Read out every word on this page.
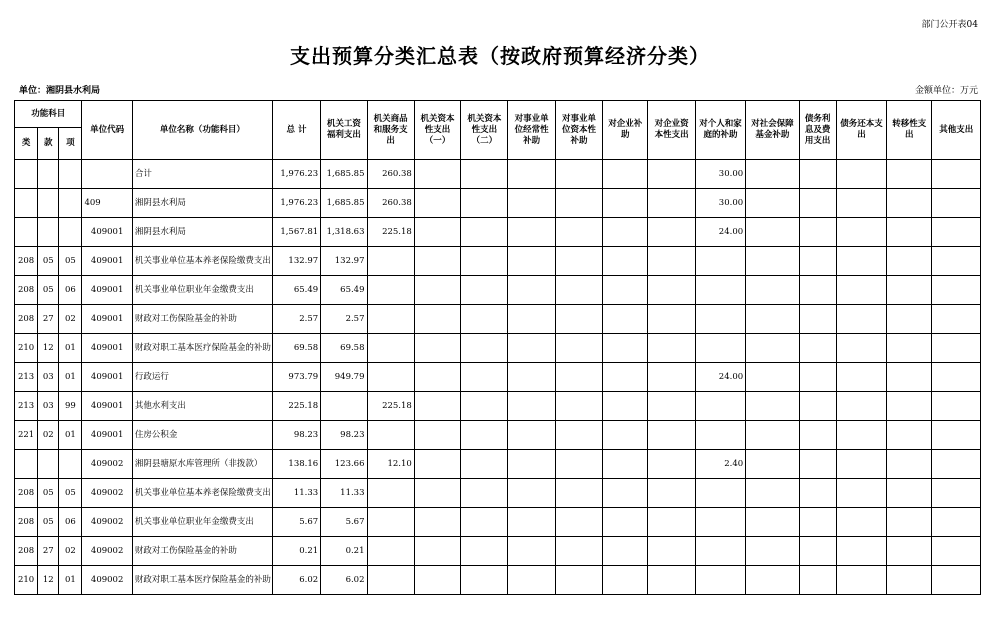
部门公开表04
支出预算分类汇总表（按政府预算经济分类）
单位：湘阴县水利局	金额单位：万元
功能科目			单位代码	单位名称（功能科目）	总 计	机关工资福利支出	机关商品和服务支出	机关资本性支出（一）	机关资本性支出（二）	对事业单位经常性补助	对事业单位资本性补助	对企业补助	对企业资本性支出	对个人和家庭的补助	对社会保障基金补助	债务利息及费用支出	债务还本支出	转移性支出	其他支出
类	款	项																	
				合计	1,976.23	1,685.85	260.38							30.00					
			409	湘阴县水利局	1,976.23	1,685.85	260.38							30.00					
			409001	湘阴县水利局	1,567.81	1,318.63	225.18							24.00					
208	05	05	409001	机关事业单位基本养老保险缴费支出	132.97	132.97													
208	05	06	409001	机关事业单位职业年金缴费支出	65.49	65.49													
208	27	02	409001	财政对工伤保险基金的补助	2.57	2.57													
210	12	01	409001	财政对职工基本医疗保险基金的补助	69.58	69.58													
213	03	01	409001	行政运行	973.79	949.79								24.00					
213	03	99	409001	其他水利支出	225.18		225.18												
221	02	01	409001	住房公积金	98.23	98.23													
			409002	湘阴县塘原水库管理所（非拨款）	138.16	123.66	12.10							2.40					
208	05	05	409002	机关事业单位基本养老保险缴费支出	11.33	11.33													
208	05	06	409002	机关事业单位职业年金缴费支出	5.67	5.67													
208	27	02	409002	财政对工伤保险基金的补助	0.21	0.21													
210	12	01	409002	财政对职工基本医疗保险基金的补助	6.02	6.02													
